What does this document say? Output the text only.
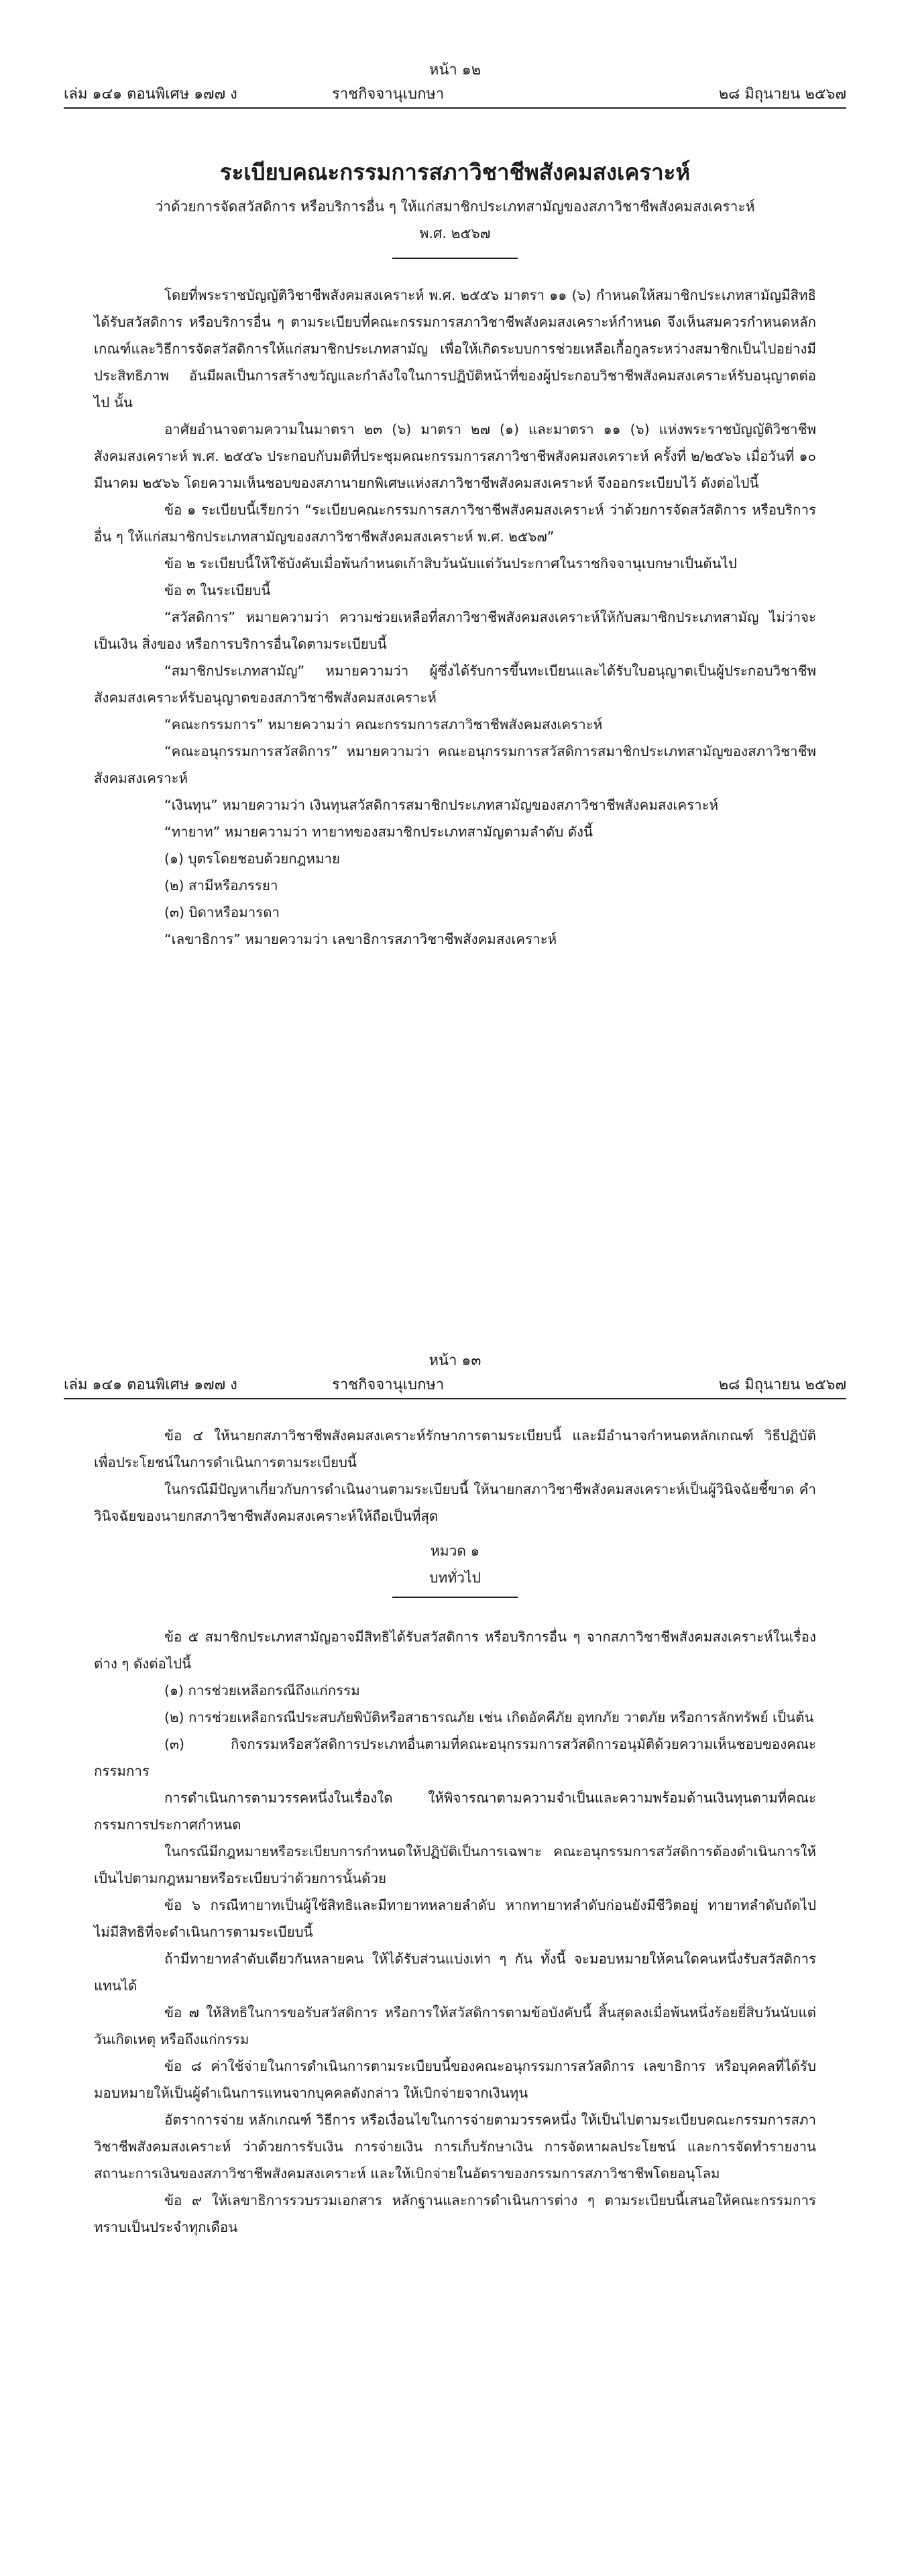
หน้า ๑๒
เล่ม ๑๔๑ ตอนพิเศษ ๑๗๗ ง	ราชกิจจานุเบกษา	๒๘ มิถุนายน ๒๕๖๗
ระเบียบคณะกรรมการสภาวิชาชีพสังคมสงเคราะห์
ว่าด้วยการจัดสวัสดิการ หรือบริการอื่น ๆ ให้แก่สมาชิกประเภทสามัญของสภาวิชาชีพสังคมสงเคราะห์
พ.ศ. ๒๕๖๗

โดยที่พระราชบัญญัติวิชาชีพสังคมสงเคราะห์ พ.ศ. ๒๕๕๖ มาตรา ๑๑ (๖) กำหนดให้สมาชิกประเภทสามัญมีสิทธิได้รับสวัสดิการ หรือบริการอื่น ๆ ตามระเบียบที่คณะกรรมการสภาวิชาชีพสังคมสงเคราะห์กำหนด จึงเห็นสมควรกำหนดหลักเกณฑ์และวิธีการจัดสวัสดิการให้แก่สมาชิกประเภทสามัญ เพื่อให้เกิดระบบการช่วยเหลือเกื้อกูลระหว่างสมาชิกเป็นไปอย่างมีประสิทธิภาพ อันมีผลเป็นการสร้างขวัญและกำลังใจในการปฏิบัติหน้าที่ของผู้ประกอบวิชาชีพสังคมสงเคราะห์รับอนุญาตต่อไป นั้น

อาศัยอำนาจตามความในมาตรา ๒๓ (๖) มาตรา ๒๗ (๑) และมาตรา ๑๑ (๖) แห่งพระราชบัญญัติวิชาชีพสังคมสงเคราะห์ พ.ศ. ๒๕๕๖ ประกอบกับมติที่ประชุมคณะกรรมการสภาวิชาชีพสังคมสงเคราะห์ ครั้งที่ ๒/๒๕๖๖ เมื่อวันที่ ๑๐ มีนาคม ๒๕๖๖ โดยความเห็นชอบของสภานายกพิเศษแห่งสภาวิชาชีพสังคมสงเคราะห์ จึงออกระเบียบไว้ ดังต่อไปนี้

ข้อ ๑ ระเบียบนี้เรียกว่า “ระเบียบคณะกรรมการสภาวิชาชีพสังคมสงเคราะห์ ว่าด้วยการจัดสวัสดิการ หรือบริการอื่น ๆ ให้แก่สมาชิกประเภทสามัญของสภาวิชาชีพสังคมสงเคราะห์ พ.ศ. ๒๕๖๗”

ข้อ ๒ ระเบียบนี้ให้ใช้บังคับเมื่อพ้นกำหนดเก้าสิบวันนับแต่วันประกาศในราชกิจจานุเบกษาเป็นต้นไป

ข้อ ๓ ในระเบียบนี้

“สวัสดิการ” หมายความว่า ความช่วยเหลือที่สภาวิชาชีพสังคมสงเคราะห์ให้กับสมาชิกประเภทสามัญ ไม่ว่าจะเป็นเงิน สิ่งของ หรือการบริการอื่นใดตามระเบียบนี้

“สมาชิกประเภทสามัญ” หมายความว่า ผู้ซึ่งได้รับการขึ้นทะเบียนและได้รับใบอนุญาตเป็นผู้ประกอบวิชาชีพสังคมสงเคราะห์รับอนุญาตของสภาวิชาชีพสังคมสงเคราะห์

“คณะกรรมการ” หมายความว่า คณะกรรมการสภาวิชาชีพสังคมสงเคราะห์

“คณะอนุกรรมการสวัสดิการ” หมายความว่า คณะอนุกรรมการสวัสดิการสมาชิกประเภทสามัญของสภาวิชาชีพสังคมสงเคราะห์

“เงินทุน” หมายความว่า เงินทุนสวัสดิการสมาชิกประเภทสามัญของสภาวิชาชีพสังคมสงเคราะห์

“ทายาท” หมายความว่า ทายาทของสมาชิกประเภทสามัญตามลำดับ ดังนี้

(๑) บุตรโดยชอบด้วยกฎหมาย

(๒) สามีหรือภรรยา

(๓) บิดาหรือมารดา

“เลขาธิการ” หมายความว่า เลขาธิการสภาวิชาชีพสังคมสงเคราะห์

หน้า ๑๓
เล่ม ๑๔๑ ตอนพิเศษ ๑๗๗ ง	ราชกิจจานุเบกษา	๒๘ มิถุนายน ๒๕๖๗

ข้อ ๔ ให้นายกสภาวิชาชีพสังคมสงเคราะห์รักษาการตามระเบียบนี้ และมีอำนาจกำหนดหลักเกณฑ์ วิธีปฏิบัติ เพื่อประโยชน์ในการดำเนินการตามระเบียบนี้

ในกรณีมีปัญหาเกี่ยวกับการดำเนินงานตามระเบียบนี้ ให้นายกสภาวิชาชีพสังคมสงเคราะห์เป็นผู้วินิจฉัยชี้ขาด คำวินิจฉัยของนายกสภาวิชาชีพสังคมสงเคราะห์ให้ถือเป็นที่สุด

หมวด ๑
บททั่วไป

ข้อ ๕ สมาชิกประเภทสามัญอาจมีสิทธิได้รับสวัสดิการ หรือบริการอื่น ๆ จากสภาวิชาชีพสังคมสงเคราะห์ในเรื่องต่าง ๆ ดังต่อไปนี้

(๑) การช่วยเหลือกรณีถึงแก่กรรม

(๒) การช่วยเหลือกรณีประสบภัยพิบัติหรือสาธารณภัย เช่น เกิดอัคคีภัย อุทกภัย วาตภัย หรือการลักทรัพย์ เป็นต้น

(๓) กิจกรรมหรือสวัสดิการประเภทอื่นตามที่คณะอนุกรรมการสวัสดิการอนุมัติด้วยความเห็นชอบของคณะกรรมการ

การดำเนินการตามวรรคหนึ่งในเรื่องใด ให้พิจารณาตามความจำเป็นและความพร้อมด้านเงินทุนตามที่คณะกรรมการประกาศกำหนด

ในกรณีมีกฎหมายหรือระเบียบการกำหนดให้ปฏิบัติเป็นการเฉพาะ คณะอนุกรรมการสวัสดิการต้องดำเนินการให้เป็นไปตามกฎหมายหรือระเบียบว่าด้วยการนั้นด้วย

ข้อ ๖ กรณีทายาทเป็นผู้ใช้สิทธิและมีทายาทหลายลำดับ หากทายาทลำดับก่อนยังมีชีวิตอยู่ ทายาทลำดับถัดไปไม่มีสิทธิที่จะดำเนินการตามระเบียบนี้

ถ้ามีทายาทลำดับเดียวกันหลายคน ให้ได้รับส่วนแบ่งเท่า ๆ กัน ทั้งนี้ จะมอบหมายให้คนใดคนหนึ่งรับสวัสดิการแทนได้

ข้อ ๗ ให้สิทธิในการขอรับสวัสดิการ หรือการให้สวัสดิการตามข้อบังคับนี้ สิ้นสุดลงเมื่อพ้นหนึ่งร้อยยี่สิบวันนับแต่วันเกิดเหตุ หรือถึงแก่กรรม

ข้อ ๘ ค่าใช้จ่ายในการดำเนินการตามระเบียบนี้ของคณะอนุกรรมการสวัสดิการ เลขาธิการ หรือบุคคลที่ได้รับมอบหมายให้เป็นผู้ดำเนินการแทนจากบุคคลดังกล่าว ให้เบิกจ่ายจากเงินทุน

อัตราการจ่าย หลักเกณฑ์ วิธีการ หรือเงื่อนไขในการจ่ายตามวรรคหนึ่ง ให้เป็นไปตามระเบียบคณะกรรมการสภาวิชาชีพสังคมสงเคราะห์ ว่าด้วยการรับเงิน การจ่ายเงิน การเก็บรักษาเงิน การจัดหาผลประโยชน์ และการจัดทำรายงานสถานะการเงินของสภาวิชาชีพสังคมสงเคราะห์ และให้เบิกจ่ายในอัตราของกรรมการสภาวิชาชีพโดยอนุโลม

ข้อ ๙ ให้เลขาธิการรวบรวมเอกสาร หลักฐานและการดำเนินการต่าง ๆ ตามระเบียบนี้เสนอให้คณะกรรมการทราบเป็นประจำทุกเดือน
